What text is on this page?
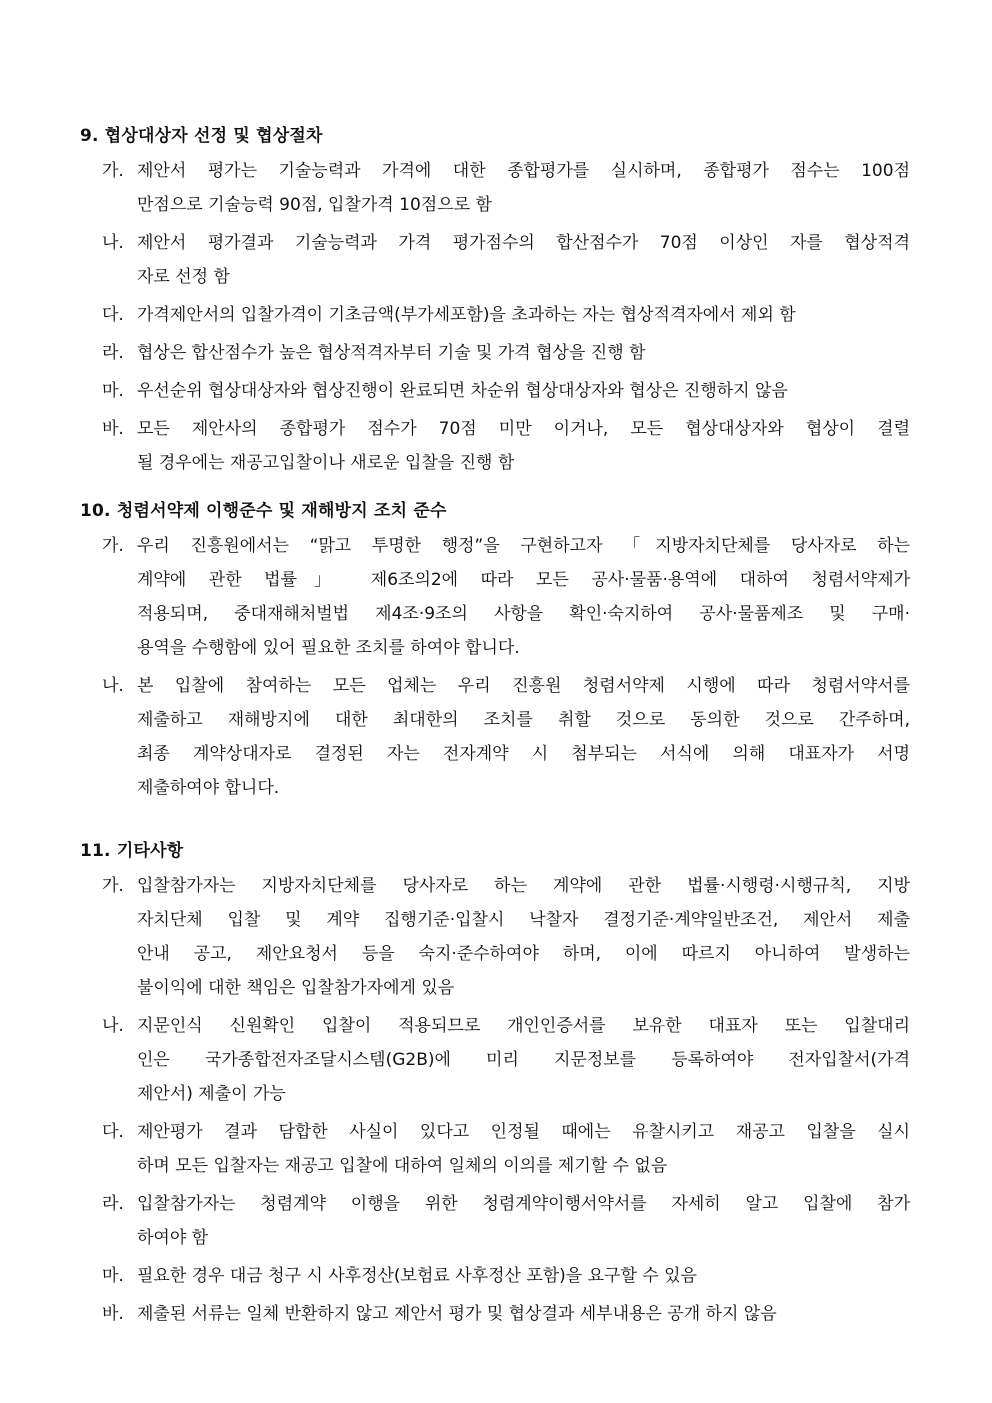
9. 협상대상자 선정 및 협상절차
가. 제안서 평가는 기술능력과 가격에 대한 종합평가를 실시하며, 종합평가 점수는 100점
만점으로 기술능력 90점, 입찰가격 10점으로 함
나. 제안서 평가결과 기술능력과 가격 평가점수의 합산점수가 70점 이상인 자를 협상적격
자로 선정 함
다. 가격제안서의 입찰가격이 기초금액(부가세포함)을 초과하는 자는 협상적격자에서 제외 함
라. 협상은 합산점수가 높은 협상적격자부터 기술 및 가격 협상을 진행 함
마. 우선순위 협상대상자와 협상진행이 완료되면 차순위 협상대상자와 협상은 진행하지 않음
바. 모든 제안사의 종합평가 점수가 70점 미만 이거나, 모든 협상대상자와 협상이 결렬
될 경우에는 재공고입찰이나 새로운 입찰을 진행 함
10. 청렴서약제 이행준수 및 재해방지 조치 준수
가. 우리 진흥원에서는 “맑고 투명한 행정”을 구현하고자 「지방자치단체를 당사자로 하는
계약에 관한 법률」 제6조의2에 따라 모든 공사·물품·용역에 대하여 청렴서약제가
적용되며, 중대재해처벌법 제4조·9조의 사항을 확인·숙지하여 공사·물품제조 및 구매·
용역을 수행함에 있어 필요한 조치를 하여야 합니다.
나. 본 입찰에 참여하는 모든 업체는 우리 진흥원 청렴서약제 시행에 따라 청렴서약서를
제출하고 재해방지에 대한 최대한의 조치를 취할 것으로 동의한 것으로 간주하며,
최종 계약상대자로 결정된 자는 전자계약 시 첨부되는 서식에 의해 대표자가 서명
제출하여야 합니다.
11. 기타사항
가. 입찰참가자는 지방자치단체를 당사자로 하는 계약에 관한 법률·시행령·시행규칙, 지방
자치단체 입찰 및 계약 집행기준·입찰시 낙찰자 결정기준·계약일반조건, 제안서 제출
안내 공고, 제안요청서 등을 숙지·준수하여야 하며, 이에 따르지 아니하여 발생하는
불이익에 대한 책임은 입찰참가자에게 있음
나. 지문인식 신원확인 입찰이 적용되므로 개인인증서를 보유한 대표자 또는 입찰대리
인은 국가종합전자조달시스템(G2B)에 미리 지문정보를 등록하여야 전자입찰서(가격
제안서) 제출이 가능
다. 제안평가 결과 담합한 사실이 있다고 인정될 때에는 유찰시키고 재공고 입찰을 실시
하며 모든 입찰자는 재공고 입찰에 대하여 일체의 이의를 제기할 수 없음
라. 입찰참가자는 청렴계약 이행을 위한 청렴계약이행서약서를 자세히 알고 입찰에 참가
하여야 함
마. 필요한 경우 대금 청구 시 사후정산(보험료 사후정산 포함)을 요구할 수 있음
바. 제출된 서류는 일체 반환하지 않고 제안서 평가 및 협상결과 세부내용은 공개 하지 않음
